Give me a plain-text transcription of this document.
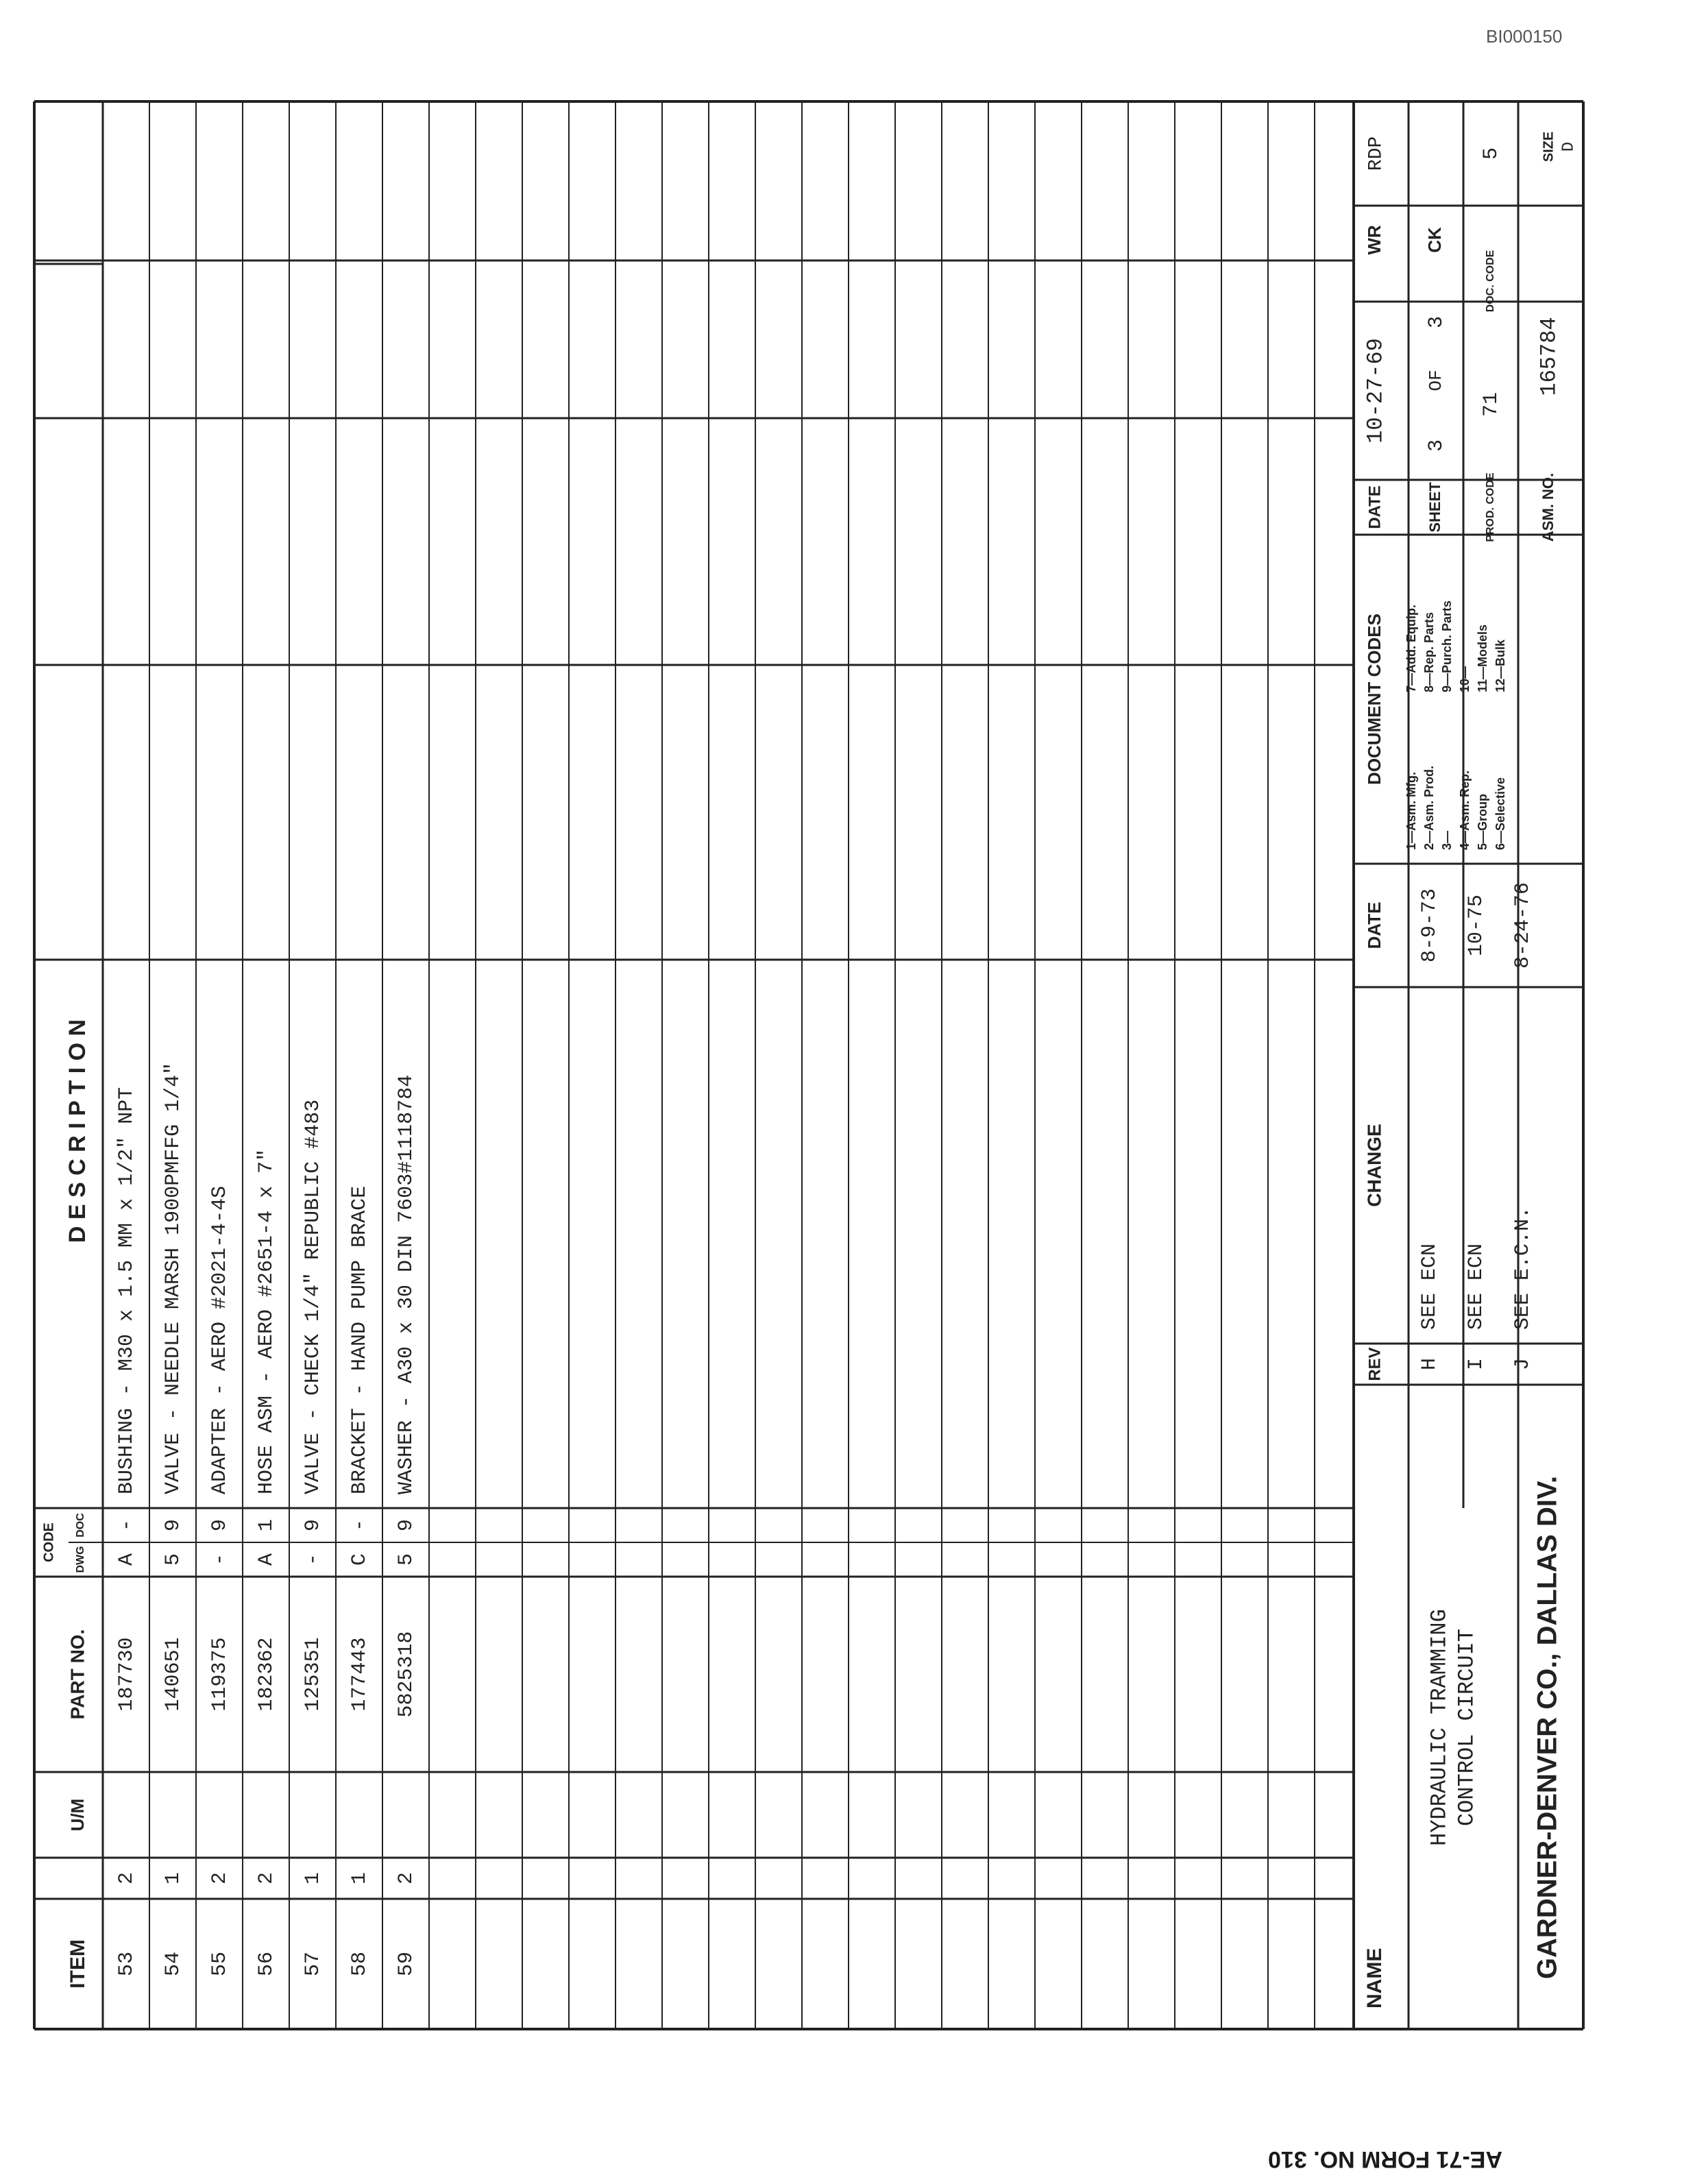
BI000150
ITEM
U/M
PART NO.
CODE DWG
DOC
D E S C R I P T I O N
53
2
187730
A
-
BUSHING - M30 x 1.5 MM x 1/2" NPT
54
1
140651
5
9
VALVE - NEEDLE MARSH 1900PMFFG 1/4"
55
2
119375
-
9
ADAPTER - AERO #2021-4-4S
56
2
182362
A
1
HOSE ASM - AERO #2651-4 x 7"
57
1
125351
-
9
VALVE - CHECK 1/4" REPUBLIC #483
58
1
177443
C
-
BRACKET - HAND PUMP BRACE
59
2
5825318
5
9
WASHER - A30 x 30 DIN 7603#1118784
NAME
HYDRAULIC TRAMMING CONTROL CIRCUIT GARDNER-DENVER CO., DALLAS DIV.
REV
CHANGE
DATE
H
SEE ECN
8-9-73
I
SEE ECN
10-75
J
SEE E.C.N.
8-24-76
DOCUMENT CODES
1—Asm. Mfg. 2—Asm. Prod. 3— 4—Asm. Rep. 5—Group 6—Selective
7—Add. Equip. 8—Rep. Parts 9—Purch. Parts 10— 11—Models 12—Bulk
DATE
10-27-69
WR
RDP
SHEET
3
OF
3
CK
PROD. CODE
71
DOC. CODE
5
ASM. NO.
165784
SIZE D
AE-71 FORM NO. 310
